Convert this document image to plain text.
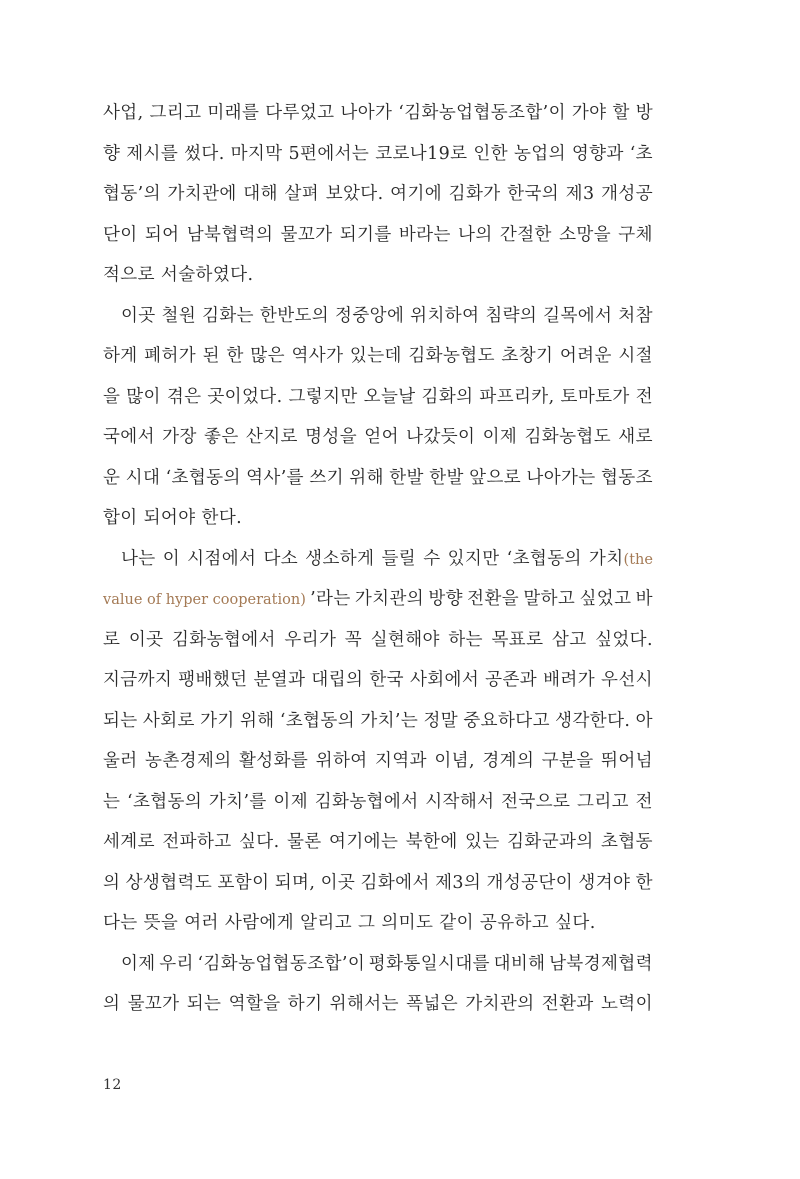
사업, 그리고 미래를 다루었고 나아가 ‘김화농업협동조합’이 가야 할 방
향 제시를 썼다. 마지막 5편에서는 코로나19로 인한 농업의 영향과 ‘초
협동’의 가치관에 대해 살펴 보았다. 여기에 김화가 한국의 제3 개성공
단이 되어 남북협력의 물꼬가 되기를 바라는 나의 간절한 소망을 구체
적으로 서술하였다.
이곳 철원 김화는 한반도의 정중앙에 위치하여 침략의 길목에서 처참
하게 폐허가 된 한 많은 역사가 있는데 김화농협도 초창기 어려운 시절
을 많이 겪은 곳이었다. 그렇지만 오늘날 김화의 파프리카, 토마토가 전
국에서 가장 좋은 산지로 명성을 얻어 나갔듯이 이제 김화농협도 새로
운 시대 ‘초협동의 역사’를 쓰기 위해 한발 한발 앞으로 나아가는 협동조
합이 되어야 한다.
나는 이 시점에서 다소 생소하게 들릴 수 있지만 ‘초협동의 가치(the
value of hyper cooperation) ’라는 가치관의 방향 전환을 말하고 싶었고 바
로 이곳 김화농협에서 우리가 꼭 실현해야 하는 목표로 삼고 싶었다.
지금까지 팽배했던 분열과 대립의 한국 사회에서 공존과 배려가 우선시
되는 사회로 가기 위해 ‘초협동의 가치’는 정말 중요하다고 생각한다. 아
울러 농촌경제의 활성화를 위하여 지역과 이념, 경계의 구분을 뛰어넘
는 ‘초협동의 가치’를 이제 김화농협에서 시작해서 전국으로 그리고 전
세계로 전파하고 싶다. 물론 여기에는 북한에 있는 김화군과의 초협동
의 상생협력도 포함이 되며, 이곳 김화에서 제3의 개성공단이 생겨야 한
다는 뜻을 여러 사람에게 알리고 그 의미도 같이 공유하고 싶다.
이제 우리 ‘김화농업협동조합’이 평화통일시대를 대비해 남북경제협력
의 물꼬가 되는 역할을 하기 위해서는 폭넓은 가치관의 전환과 노력이
12
